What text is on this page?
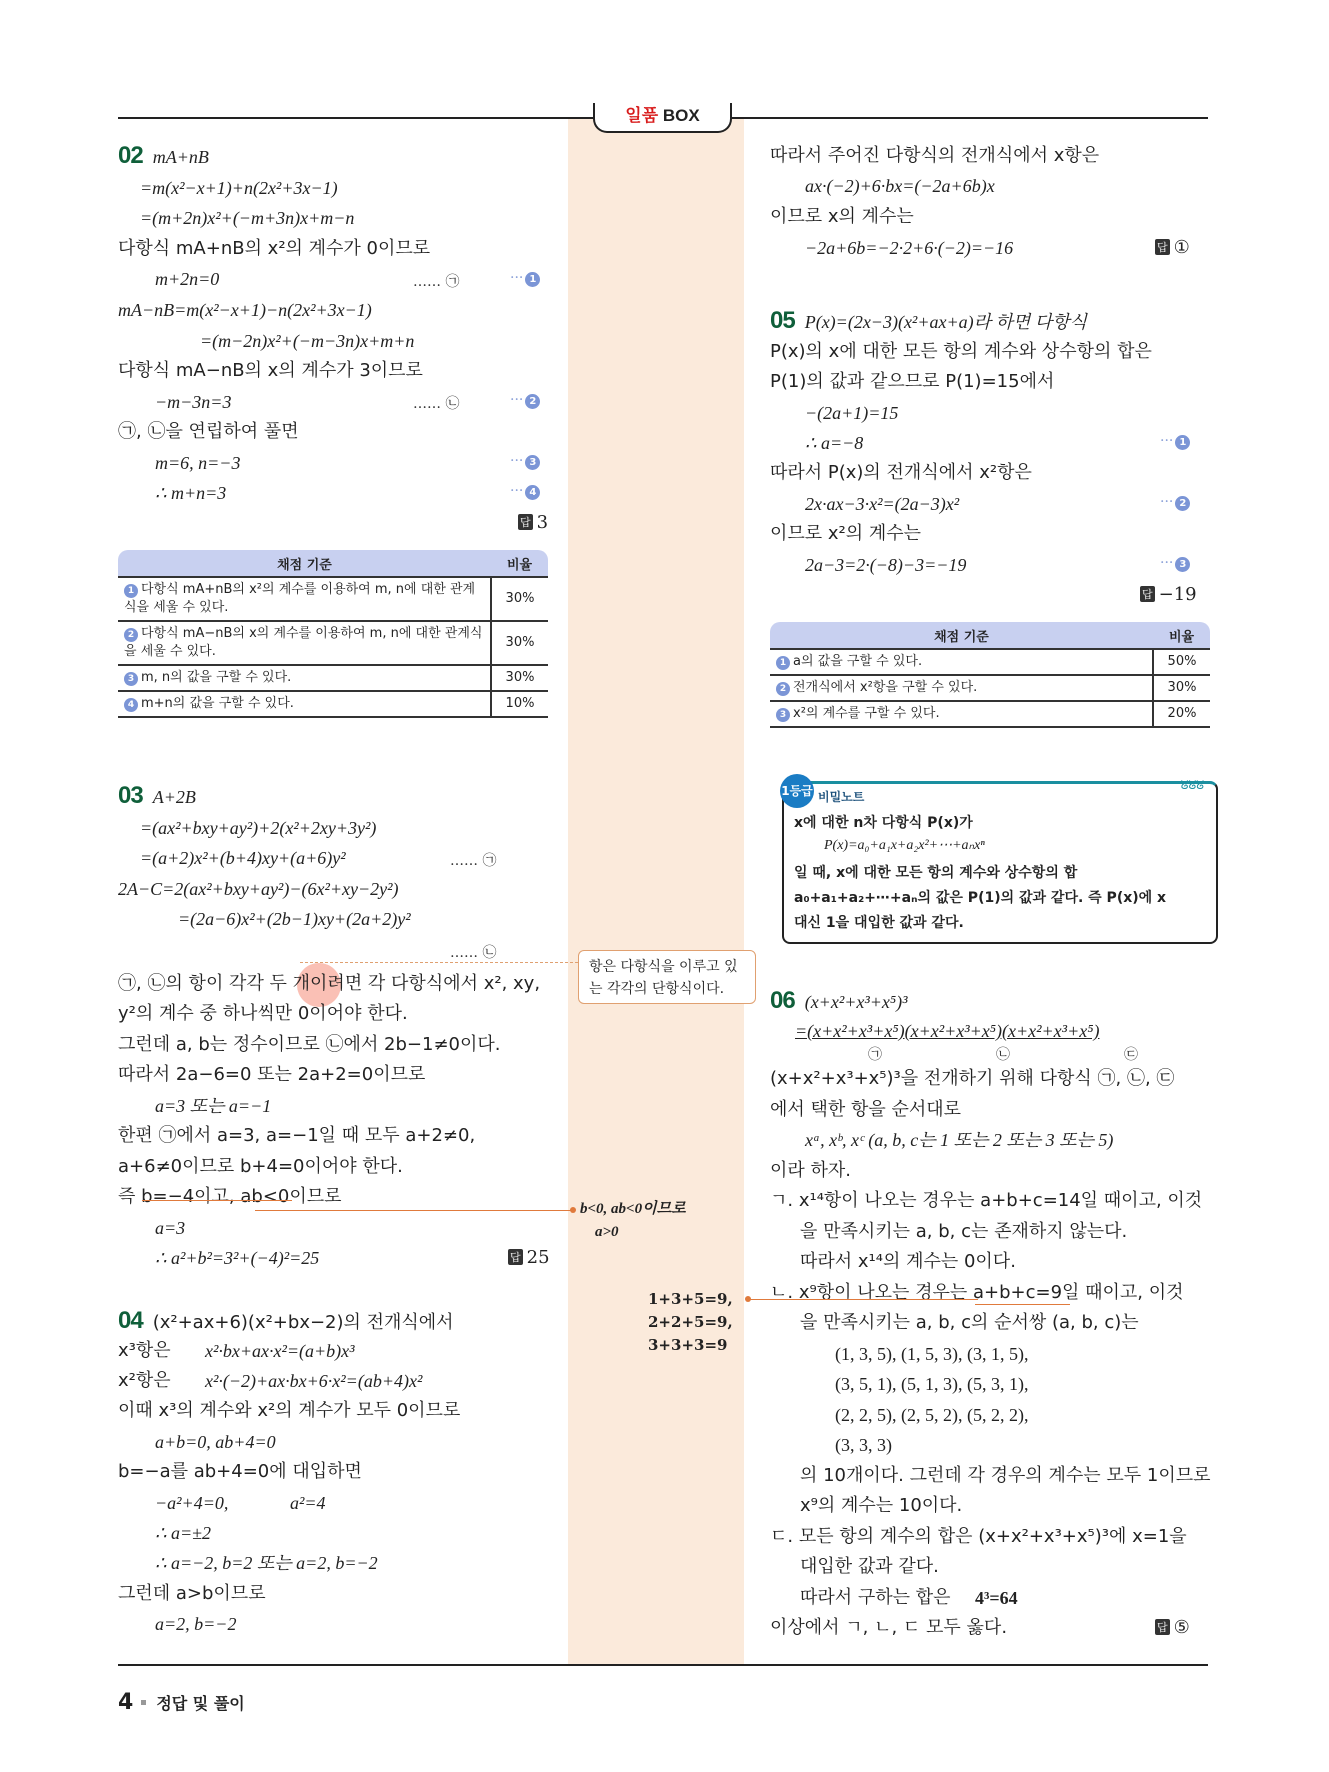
일품 BOX
02 mA+nB
=m(x²−x+1)+n(2x²+3x−1)
=(m+2n)x²+(−m+3n)x+m−n
다항식 mA+nB의 x²의 계수가 0이므로
m+2n=0	…… ㉠	··· 1
mA−nB=m(x²−x+1)−n(2x²+3x−1)
=(m−2n)x²+(−m−3n)x+m+n
다항식 mA−nB의 x의 계수가 3이므로
−m−3n=3	…… ㉡	··· 2
㉠, ㉡을 연립하여 풀면
m=6, n=−3	··· 3
∴ m+n=3	··· 4
답 3
채점 기준	비율
1 다항식 mA+nB의 x²의 계수를 이용하여 m, n에 대한 관계식을 세울 수 있다.	30%
2 다항식 mA−nB의 x의 계수를 이용하여 m, n에 대한 관계식을 세울 수 있다.	30%
3 m, n의 값을 구할 수 있다.	30%
4 m+n의 값을 구할 수 있다.	10%
03 A+2B
=(ax²+bxy+ay²)+2(x²+2xy+3y²)
=(a+2)x²+(b+4)xy+(a+6)y²	…… ㉠
2A−C=2(ax²+bxy+ay²)−(6x²+xy−2y²)
=(2a−6)x²+(2b−1)xy+(2a+2)y²
…… ㉡
㉠, ㉡의 항이 각각 두 개이려면 각 다항식에서 x², xy,
y²의 계수 중 하나씩만 0이어야 한다.
그런데 a, b는 정수이므로 ㉡에서 2b−1≠0이다.
따라서 2a−6=0 또는 2a+2=0이므로
a=3 또는 a=−1
한편 ㉠에서 a=3, a=−1일 때 모두 a+2≠0,
a+6≠0이므로 b+4=0이어야 한다.
즉 b=−4이고, ab<0이므로
a=3
∴ a²+b²=3²+(−4)²=25	답 25
04 (x²+ax+6)(x²+bx−2)의 전개식에서
x³항은 x²·bx+ax·x²=(a+b)x³
x²항은 x²·(−2)+ax·bx+6·x²=(ab+4)x²
이때 x³의 계수와 x²의 계수가 모두 0이므로
a+b=0, ab+4=0
b=−a를 ab+4=0에 대입하면
−a²+4=0,	a²=4
∴ a=±2
∴ a=−2, b=2 또는 a=2, b=−2
그런데 a>b이므로
a=2, b=−2
따라서 주어진 다항식의 전개식에서 x항은
ax·(−2)+6·bx=(−2a+6b)x
이므로 x의 계수는
−2a+6b=−2·2+6·(−2)=−16	답 ①
05 P(x)=(2x−3)(x²+ax+a)라 하면 다항식
P(x)의 x에 대한 모든 항의 계수와 상수항의 합은
P(1)의 값과 같으므로 P(1)=15에서
−(2a+1)=15
∴ a=−8	··· 1
따라서 P(x)의 전개식에서 x²항은
2x·ax−3·x²=(2a−3)x²	··· 2
이므로 x²의 계수는
2a−3=2·(−8)−3=−19	··· 3
답 −19
채점 기준	비율
1 a의 값을 구할 수 있다.	50%
2 전개식에서 x²항을 구할 수 있다.	30%
3 x²의 계수를 구할 수 있다.	20%
1등급 비밀노트
ᘜᘜᘜ
x에 대한 n차 다항식 P(x)가
P(x)=a₀+a₁x+a₂x²+⋯+aₙxⁿ
일 때, x에 대한 모든 항의 계수와 상수항의 합
a₀+a₁+a₂+⋯+aₙ의 값은 P(1)의 값과 같다. 즉 P(x)에 x
대신 1을 대입한 값과 같다.
06 (x+x²+x³+x⁵)³
=(x+x²+x³+x⁵)(x+x²+x³+x⁵)(x+x²+x³+x⁵)
㉠	㉡	㉢
(x+x²+x³+x⁵)³을 전개하기 위해 다항식 ㉠, ㉡, ㉢
에서 택한 항을 순서대로
xᵃ, xᵇ, xᶜ (a, b, c는 1 또는 2 또는 3 또는 5)
이라 하자.
ㄱ. x¹⁴항이 나오는 경우는 a+b+c=14일 때이고, 이것
을 만족시키는 a, b, c는 존재하지 않는다.
따라서 x¹⁴의 계수는 0이다.
ㄴ. x⁹항이 나오는 경우는 a+b+c=9일 때이고, 이것
을 만족시키는 a, b, c의 순서쌍 (a, b, c)는
(1, 3, 5), (1, 5, 3), (3, 1, 5),
(3, 5, 1), (5, 1, 3), (5, 3, 1),
(2, 2, 5), (2, 5, 2), (5, 2, 2),
(3, 3, 3)
의 10개이다. 그런데 각 경우의 계수는 모두 1이므로
x⁹의 계수는 10이다.
ㄷ. 모든 항의 계수의 합은 (x+x²+x³+x⁵)³에 x=1을
대입한 값과 같다.
따라서 구하는 합은 4³=64
이상에서 ㄱ, ㄴ, ㄷ 모두 옳다.	답 ⑤
항은 다항식을 이루고 있는 각각의 단항식이다.
b<0, ab<0이므로
a>0
1+3+5=9,
2+2+5=9,
3+3+3=9
4 정답 및 풀이
